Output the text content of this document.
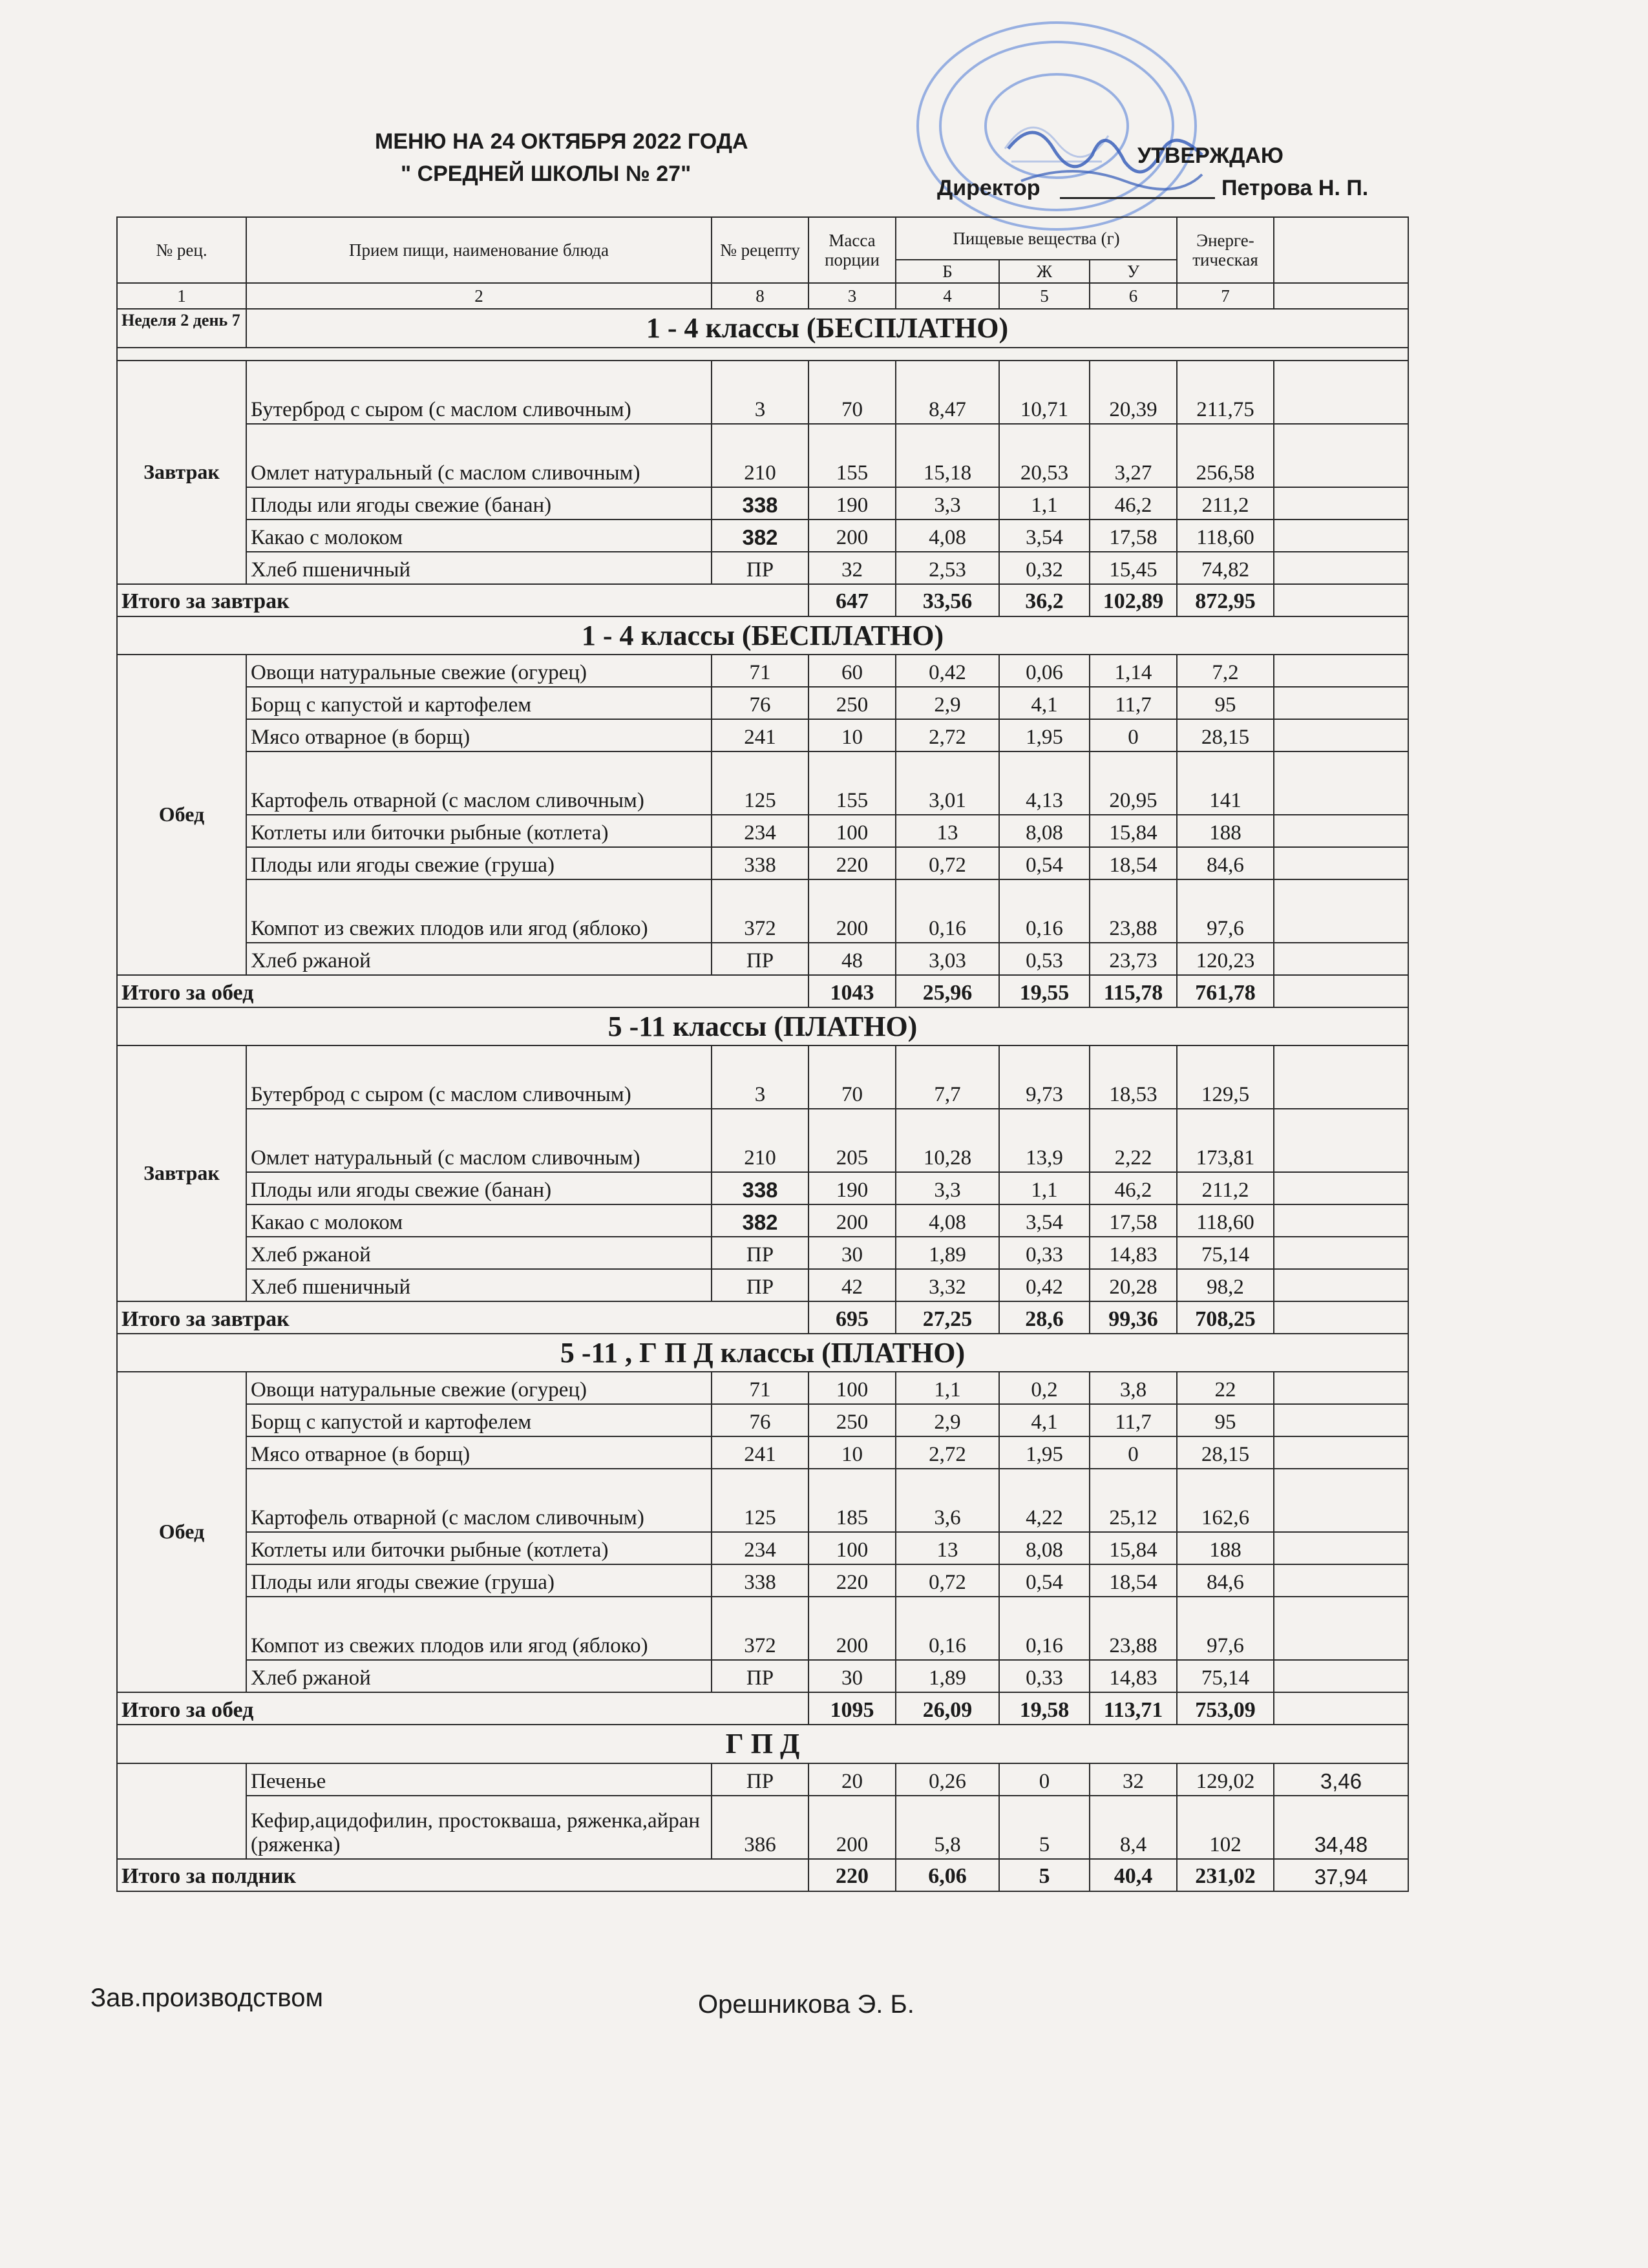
МЕНЮ НА 24 ОКТЯБРЯ 2022 ГОДА
" СРЕДНЕЙ ШКОЛЫ № 27"
УТВЕРЖДАЮ
Директор	Петрова Н. П.
№ рец.	Прием пищи, наименование блюда	№ рецепту	Масса порции	Пищевые вещества (г)			Энерге-тическая	
				Б	Ж	У		
1	2	8	3	4	5	6	7	
Неделя 2 день 7	1 - 4 классы (БЕСПЛАТНО)							

Завтрак	Бутерброд с сыром (с маслом сливочным)	3	70	8,47	10,71	20,39	211,75	
	Омлет натуральный (с маслом сливочным)	210	155	15,18	20,53	3,27	256,58	
	Плоды или ягоды свежие (банан)	338	190	3,3	1,1	46,2	211,2	
	Какао с молоком	382	200	4,08	3,54	17,58	118,60	
	Хлеб пшеничный	ПР	32	2,53	0,32	15,45	74,82	
Итого за завтрак			647	33,56	36,2	102,89	872,95	
1 - 4 классы (БЕСПЛАТНО)								
Обед	Овощи натуральные свежие (огурец)	71	60	0,42	0,06	1,14	7,2	
	Борщ с капустой и картофелем	76	250	2,9	4,1	11,7	95	
	Мясо отварное (в борщ)	241	10	2,72	1,95	0	28,15	
	Картофель отварной (с маслом сливочным)	125	155	3,01	4,13	20,95	141	
	Котлеты или биточки рыбные (котлета)	234	100	13	8,08	15,84	188	
	Плоды или ягоды свежие (груша)	338	220	0,72	0,54	18,54	84,6	
	Компот из свежих плодов или ягод (яблоко)	372	200	0,16	0,16	23,88	97,6	
	Хлеб ржаной	ПР	48	3,03	0,53	23,73	120,23	
Итого за обед			1043	25,96	19,55	115,78	761,78	
5 -11 классы (ПЛАТНО)								
Завтрак	Бутерброд с сыром (с маслом сливочным)	3	70	7,7	9,73	18,53	129,5	
	Омлет натуральный (с маслом сливочным)	210	205	10,28	13,9	2,22	173,81	
	Плоды или ягоды свежие (банан)	338	190	3,3	1,1	46,2	211,2	
	Какао с молоком	382	200	4,08	3,54	17,58	118,60	
	Хлеб ржаной	ПР	30	1,89	0,33	14,83	75,14	
	Хлеб пшеничный	ПР	42	3,32	0,42	20,28	98,2	
Итого за завтрак			695	27,25	28,6	99,36	708,25	
5 -11 , Г П Д классы (ПЛАТНО)								
Обед	Овощи натуральные свежие (огурец)	71	100	1,1	0,2	3,8	22	
	Борщ с капустой и картофелем	76	250	2,9	4,1	11,7	95	
	Мясо отварное (в борщ)	241	10	2,72	1,95	0	28,15	
	Картофель отварной (с маслом сливочным)	125	185	3,6	4,22	25,12	162,6	
	Котлеты или биточки рыбные (котлета)	234	100	13	8,08	15,84	188	
	Плоды или ягоды свежие (груша)	338	220	0,72	0,54	18,54	84,6	
	Компот из свежих плодов или ягод (яблоко)	372	200	0,16	0,16	23,88	97,6	
	Хлеб ржаной	ПР	30	1,89	0,33	14,83	75,14	
Итого за обед			1095	26,09	19,58	113,71	753,09	
Г П Д								
	Печенье	ПР	20	0,26	0	32	129,02	3,46
	Кефир,ацидофилин, простокваша, ряженка,айран (ряженка)	386	200	5,8	5	8,4	102	34,48
Итого за полдник			220	6,06	5	40,4	231,02	37,94
Зав.производством	Орешникова Э. Б.
